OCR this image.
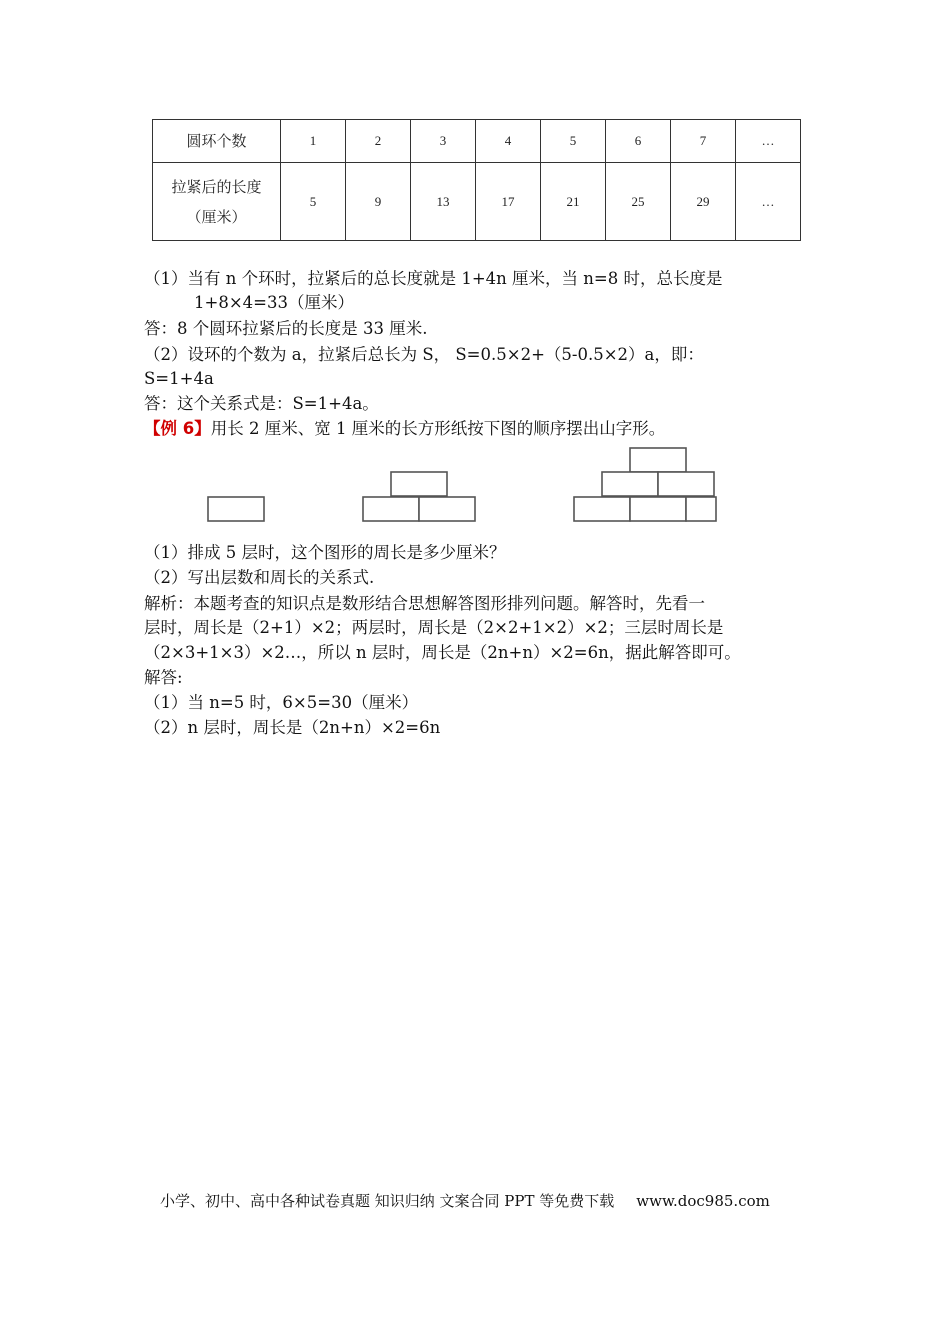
圆环个数	1	2	3	4	5	6	7	…

拉紧后的长度
（厘米）	5	9	13	17	21	25	29	…
（1）当有 n 个环时，拉紧后的总长度就是 1+4n 厘米，当 n=8 时，总长度是
1+8×4=33（厘米）
答：8 个圆环拉紧后的长度是 33 厘米.
（2）设环的个数为 a，拉紧后总长为 S， S=0.5×2+（5-0.5×2）a，即：
S=1+4a
答：这个关系式是：S=1+4a。
【例 6】用长 2 厘米、宽 1 厘米的长方形纸按下图的顺序摆出山字形。
（1）排成 5 层时，这个图形的周长是多少厘米？
（2）写出层数和周长的关系式.
解析：本题考查的知识点是数形结合思想解答图形排列问题。解答时，先看一
层时，周长是（2+1）×2；两层时，周长是（2×2+1×2）×2；三层时周长是
（2×3+1×3）×2…，所以 n 层时，周长是（2n+n）×2=6n，据此解答即可。
解答:
（1）当 n=5 时，6×5=30（厘米）
（2）n 层时，周长是（2n+n）×2=6n
小学、初中、高中各种试卷真题 知识归纳 文案合同 PPT 等免费下载 www.doc985.com
